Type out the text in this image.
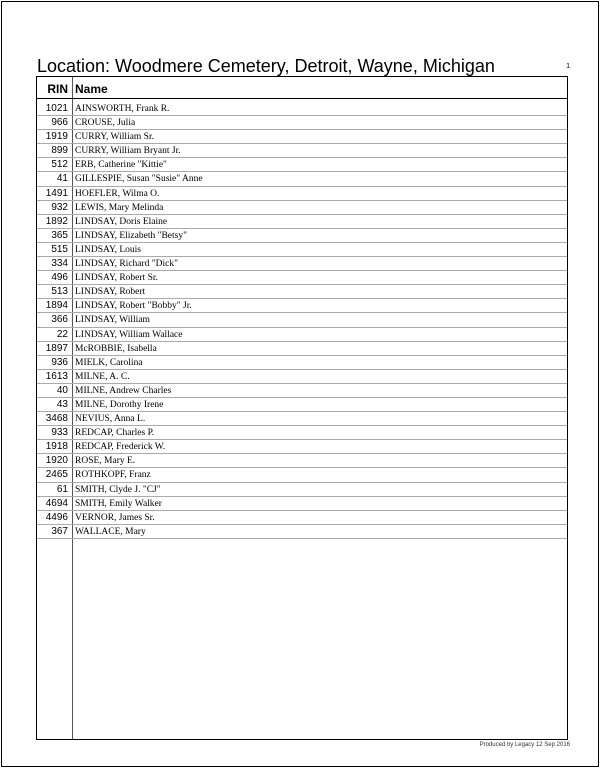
Location: Woodmere Cemetery, Detroit, Wayne, Michigan	1
RIN Name
1021 AINSWORTH, Frank R.
966 CROUSE, Julia
1919 CURRY, William Sr.
899 CURRY, William Bryant Jr.
512 ERB, Catherine "Kittie"
41 GILLESPIE, Susan "Susie" Anne
1491 HOEFLER, Wilma O.
932 LEWIS, Mary Melinda
1892 LINDSAY, Doris Elaine
365 LINDSAY, Elizabeth "Betsy"
515 LINDSAY, Louis
334 LINDSAY, Richard "Dick"
496 LINDSAY, Robert Sr.
513 LINDSAY, Robert
1894 LINDSAY, Robert "Bobby" Jr.
366 LINDSAY, William
22 LINDSAY, William Wallace
1897 McROBBIE, Isabella
936 MIELK, Carolina
1613 MILNE, A. C.
40 MILNE, Andrew Charles
43 MILNE, Dorothy Irene
3468 NEVIUS, Anna L.
933 REDCAP, Charles P.
1918 REDCAP, Frederick W.
1920 ROSE, Mary E.
2465 ROTHKOPF, Franz
61 SMITH, Clyde J. "CJ"
4694 SMITH, Emily Walker
4496 VERNOR, James Sr.
367 WALLACE, Mary
Produced by Legacy 12 Sep 2016
